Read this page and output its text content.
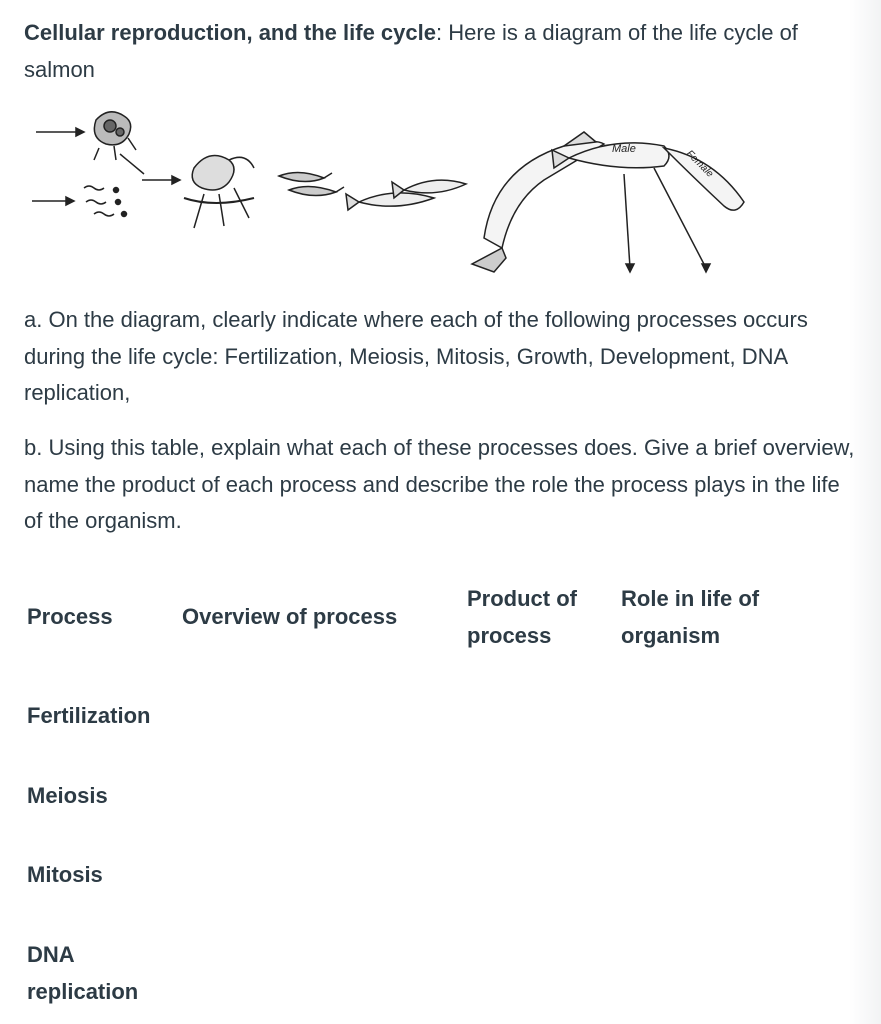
Cellular reproduction, and the life cycle: Here is a diagram of the life cycle of salmon

Male	Female

a. On the diagram, clearly indicate where each of the following processes occurs during the life cycle: Fertilization, Meiosis, Mitosis, Growth, Development, DNA replication,

b. Using this table, explain what each of these processes does. Give a brief overview, name the product of each process and describe the role the process plays in the life of the organism.

Process	Overview of process

Product of process

Role in life of organism

Fertilization

Meiosis

Mitosis

DNA replication
